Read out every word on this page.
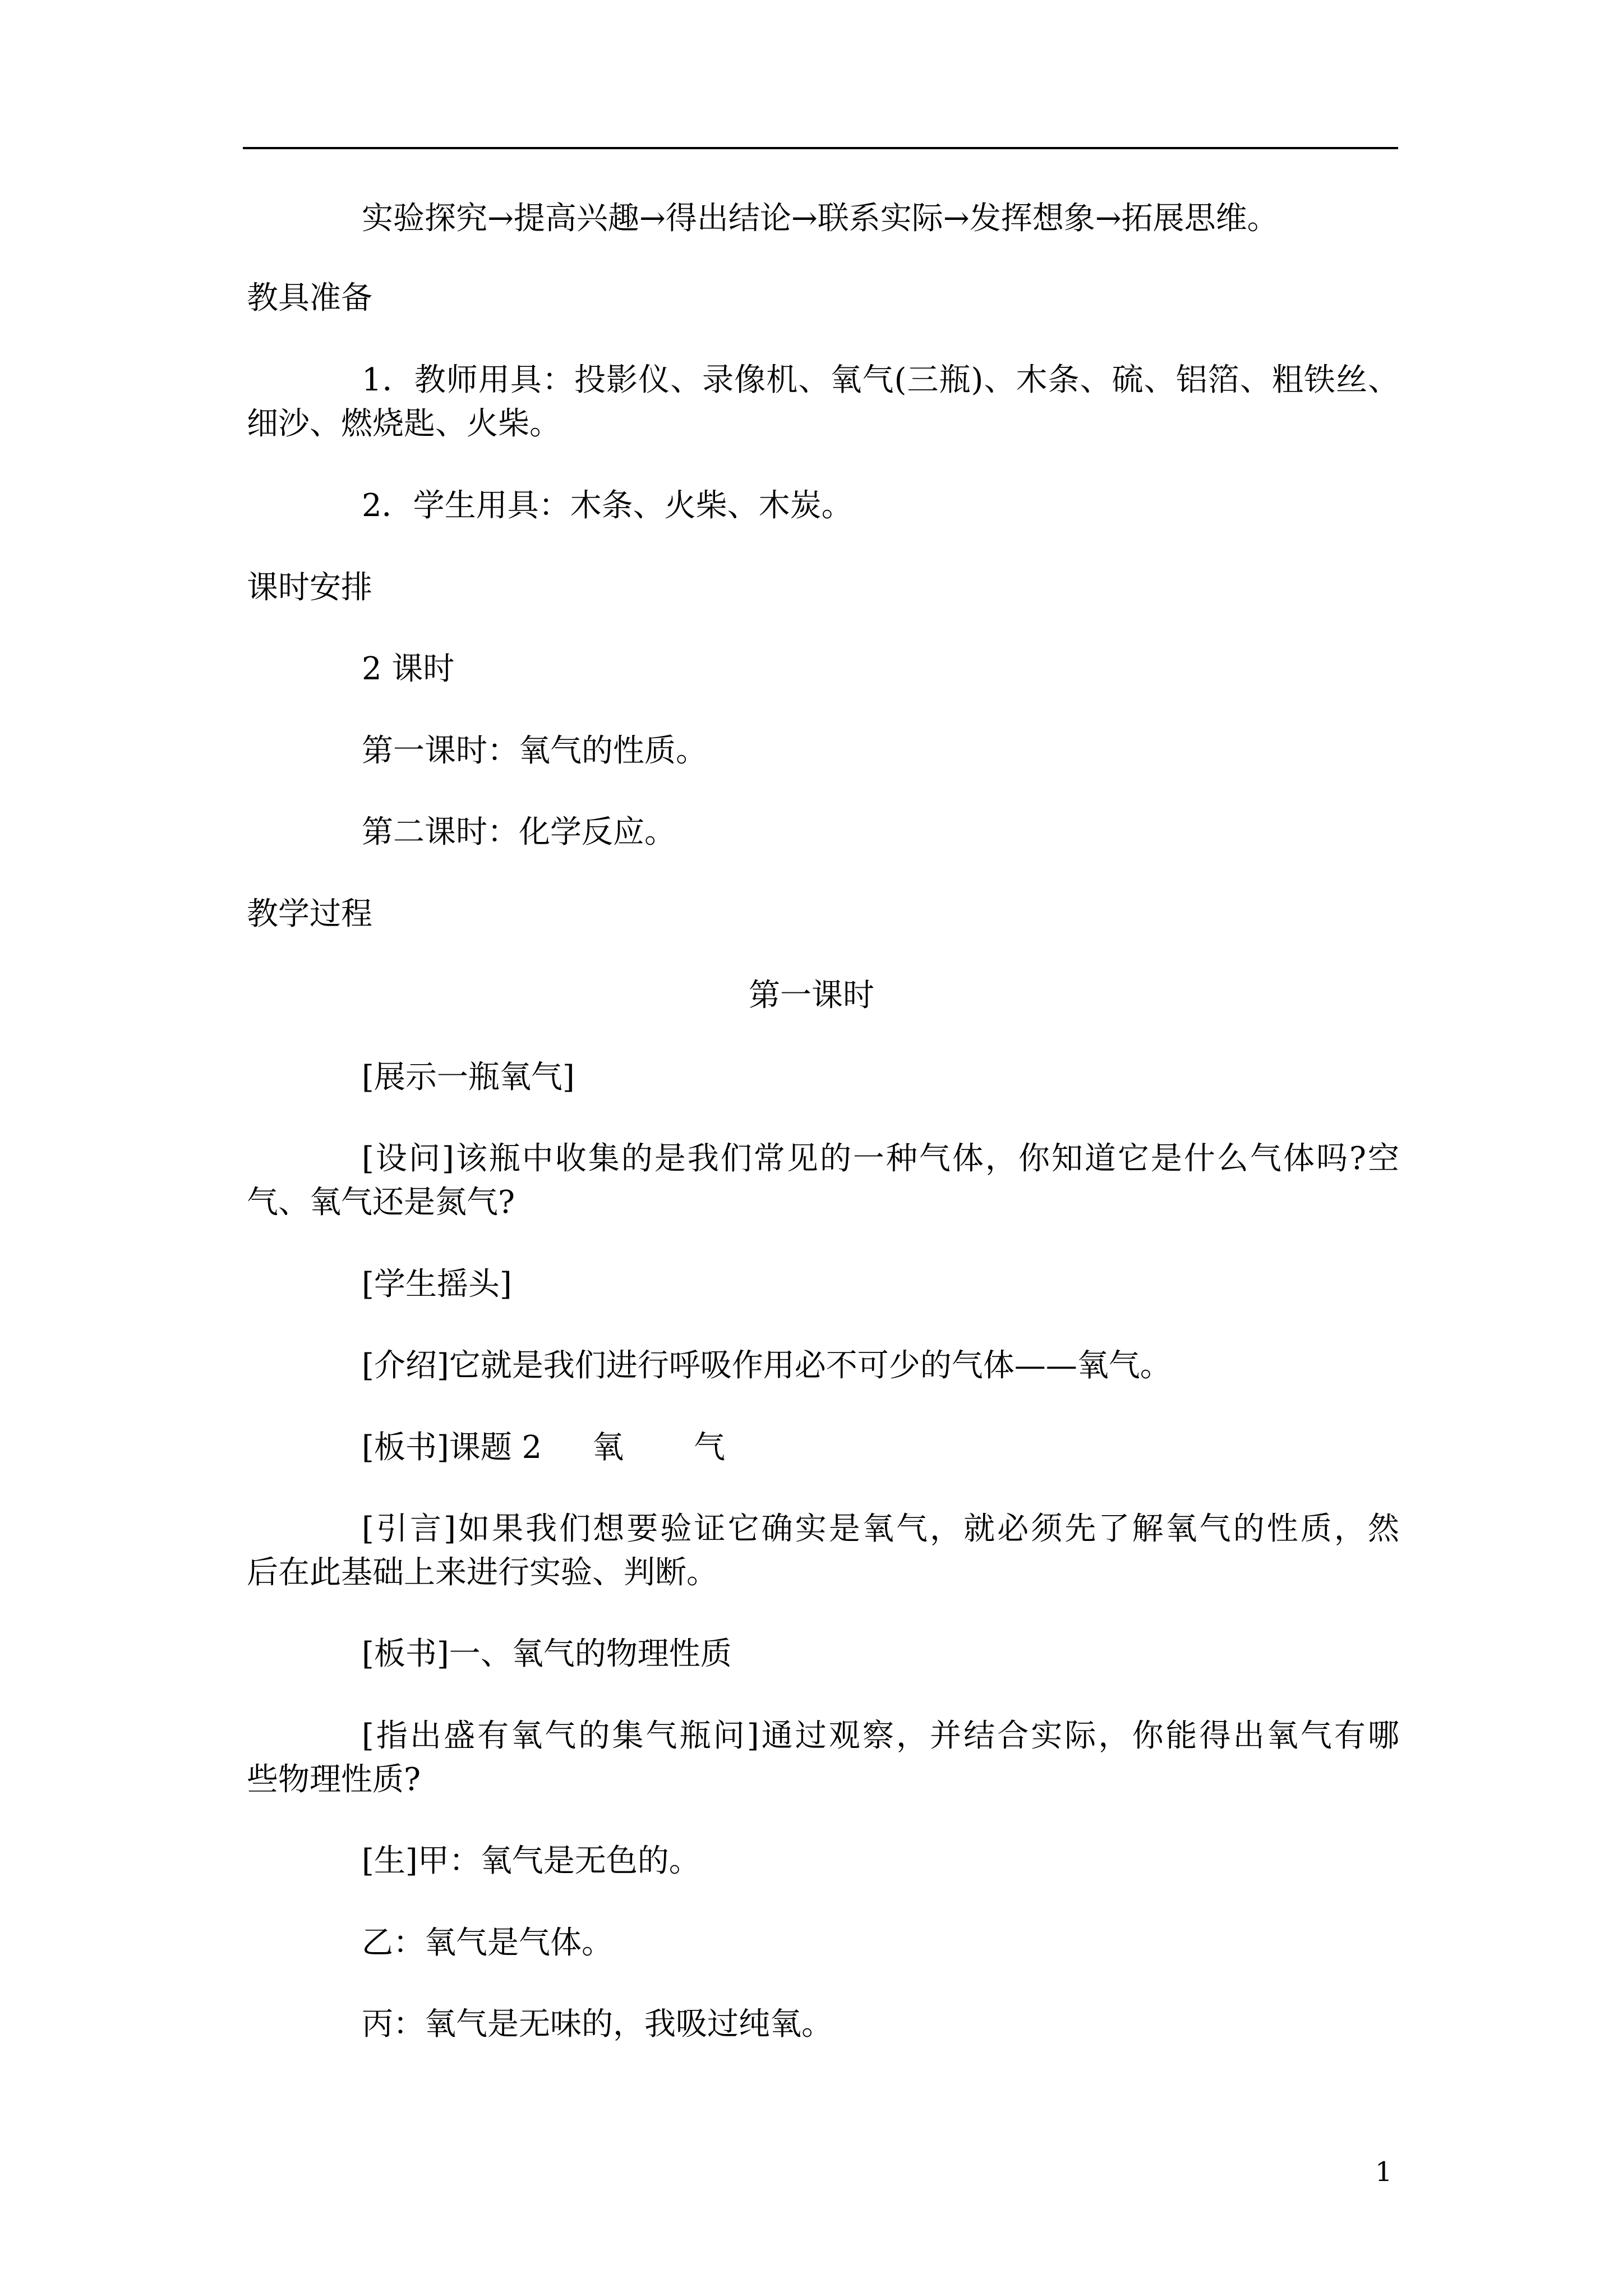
实验探究→提高兴趣→得出结论→联系实际→发挥想象→拓展思维。
教具准备
1．教师用具：投影仪、录像机、氧气(三瓶)、木条、硫、铝箔、粗铁丝、
细沙、燃烧匙、火柴。
2．学生用具：木条、火柴、木炭。
课时安排
2 课时
第一课时：氧气的性质。
第二课时：化学反应。
教学过程
第一课时
[展示一瓶氧气]
[设问]该瓶中收集的是我们常见的一种气体，你知道它是什么气体吗?空
气、氧气还是氮气?
[学生摇头]
[介绍]它就是我们进行呼吸作用必不可少的气体——氧气。
[板书]课题 2 氧 气
[引言]如果我们想要验证它确实是氧气，就必须先了解氧气的性质，然
后在此基础上来进行实验、判断。
[板书]一、氧气的物理性质
[指出盛有氧气的集气瓶问]通过观察，并结合实际，你能得出氧气有哪
些物理性质?
[生]甲：氧气是无色的。
乙：氧气是气体。
丙：氧气是无味的，我吸过纯氧。
1
